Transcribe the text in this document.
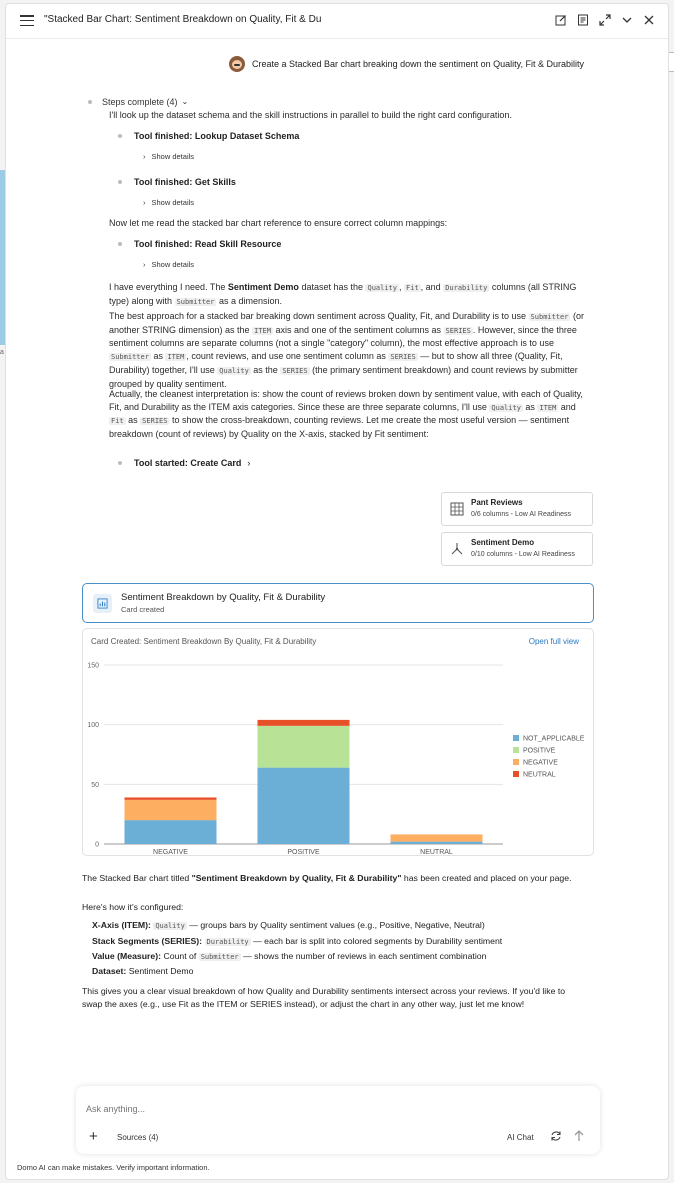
a
"Stacked Bar Chart: Sentiment Breakdown on Quality, Fit & Du
Create a Stacked Bar chart breaking down the sentiment on Quality, Fit & Durability
Steps complete (4) ⌄
I'll look up the dataset schema and the skill instructions in parallel to build the right card configuration.
Tool finished: Lookup Dataset Schema
› Show details
Tool finished: Get Skills
› Show details
Now let me read the stacked bar chart reference to ensure correct column mappings:
Tool finished: Read Skill Resource
› Show details
I have everything I need. The Sentiment Demo dataset has the Quality , Fit , and Durability columns (all STRING type) along with Submitter as a dimension.
The best approach for a stacked bar breaking down sentiment across Quality, Fit, and Durability is to use Submitter (or another STRING dimension) as the ITEM axis and one of the sentiment columns as SERIES . However, since the three sentiment columns are separate columns (not a single "category" column), the most effective approach is to use Submitter as ITEM , count reviews, and use one sentiment column as SERIES — but to show all three (Quality, Fit, Durability) together, I'll use Quality as the SERIES (the primary sentiment breakdown) and count reviews by submitter grouped by quality sentiment.
Actually, the cleanest interpretation is: show the count of reviews broken down by sentiment value, with each of Quality, Fit, and Durability as the ITEM axis categories. Since these are three separate columns, I'll use Quality as ITEM and Fit as SERIES to show the cross-breakdown, counting reviews. Let me create the most useful version — sentiment breakdown (count of reviews) by Quality on the X-axis, stacked by Fit sentiment:
Tool started: Create Card ›
Pant Reviews
0/6 columns - Low AI Readiness
Sentiment Demo
0/10 columns - Low AI Readiness
Sentiment Breakdown by Quality, Fit & Durability
Card created
Card Created: Sentiment Breakdown By Quality, Fit & Durability	Open full view
0
50
100
150
NEGATIVE	POSITIVE	NEUTRAL
NOT_APPLICABLE
POSITIVE
NEGATIVE
NEUTRAL
The Stacked Bar chart titled "Sentiment Breakdown by Quality, Fit & Durability" has been created and placed on your page.
Here's how it's configured:
X-Axis (ITEM): Quality — groups bars by Quality sentiment values (e.g., Positive, Negative, Neutral)
Stack Segments (SERIES): Durability — each bar is split into colored segments by Durability sentiment
Value (Measure): Count of Submitter — shows the number of reviews in each sentiment combination
Dataset: Sentiment Demo
This gives you a clear visual breakdown of how Quality and Durability sentiments intersect across your reviews. If you'd like to swap the axes (e.g., use Fit as the ITEM or SERIES instead), or adjust the chart in any other way, just let me know!
Ask anything...
+ Sources (4)	AI Chat
Domo AI can make mistakes. Verify important information.
